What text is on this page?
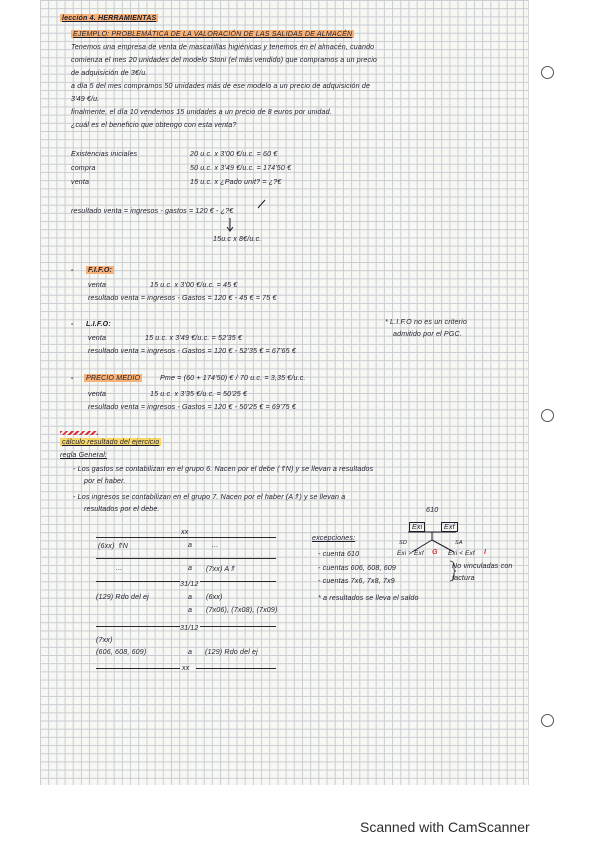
lección 4. HERRAMIENTAS
EJEMPLO: PROBLEMÁTICA DE LA VALORACIÓN DE LAS SALIDAS DE ALMACÉN
Tenemos una empresa de venta de mascarillas higiénicas y tenemos en el almacén, cuando
comienza el mes 20 unidades del modelo Stoni (el más vendido) que compramos a un precio
de adquisición de 3€/u.
a día 5 del mes compramos 50 unidades más de ese modelo a un precio de adquisición de
3'49 €/u.
finalmente, el día 10 vendemos 15 unidades a un precio de 8 euros por unidad.
¿cuál es el beneficio que obtengo con esta venta?
Existencias iniciales	20 u.c. x 3'00 €/u.c. = 60 €
compra	50 u.c. x 3'49 €/u.c. = 174'50 €
venta	15 u.c. x ¿Pado unit? = ¿?€
resultado venta = ingresos - gastos = 120 € - ¿?€
15u.c x 8€/u.c.
F.I.F.O:
-
venta	15 u.c. x 3'00 €/u.c. = 45 €
resultado venta = ingresos - Gastos = 120 € - 45 € = 75 €
- L.I.F.O:
venta	15 u.c. x 3'49 €/u.c. = 52'35 €
resultado venta = ingresos - Gastos = 120 € - 52'35 € = 67'65 €
* L.I.F.O no es un criterio
admitido por el PGC.
- PRECIO MEDIO	Pme = (60 + 174'50) € / 70 u.c. = 3,35 €/u.c.
venta	15 u.c. x 3'35 €/u.c. = 50'25 €
resultado venta = ingresos - Gastos = 120 € - 50'25 € = 69'75 €
cálculo resultado del ejercicio
regla General:
- Los gastos se contabilizan en el grupo 6. Nacen por el debe (⇑N) y se llevan a resultados
por el haber.
- Los ingresos se contabilizan en el grupo 7. Nacen por el haber (A⇑) y se llevan a
resultados por el debe.
xx
(6xx) ⇑N	a	...
...	a (7xx) A⇑
31/12
(129) Rdo del ej	a (6xx)
a (7x06), (7x08), (7x09)
31/12
(7xx)
(606, 608, 609)	a (129) Rdo del ej
xx
excepciones:
- cuenta 610
- cuentas 606, 608, 609
- cuentas 7x6, 7x8, 7x9
* a resultados se lleva el saldo
No vinculadas con
factura
610
Exi	Exf
SD	SA
Exi > Exf G Exi < Exf I
Scanned with CamScanner
